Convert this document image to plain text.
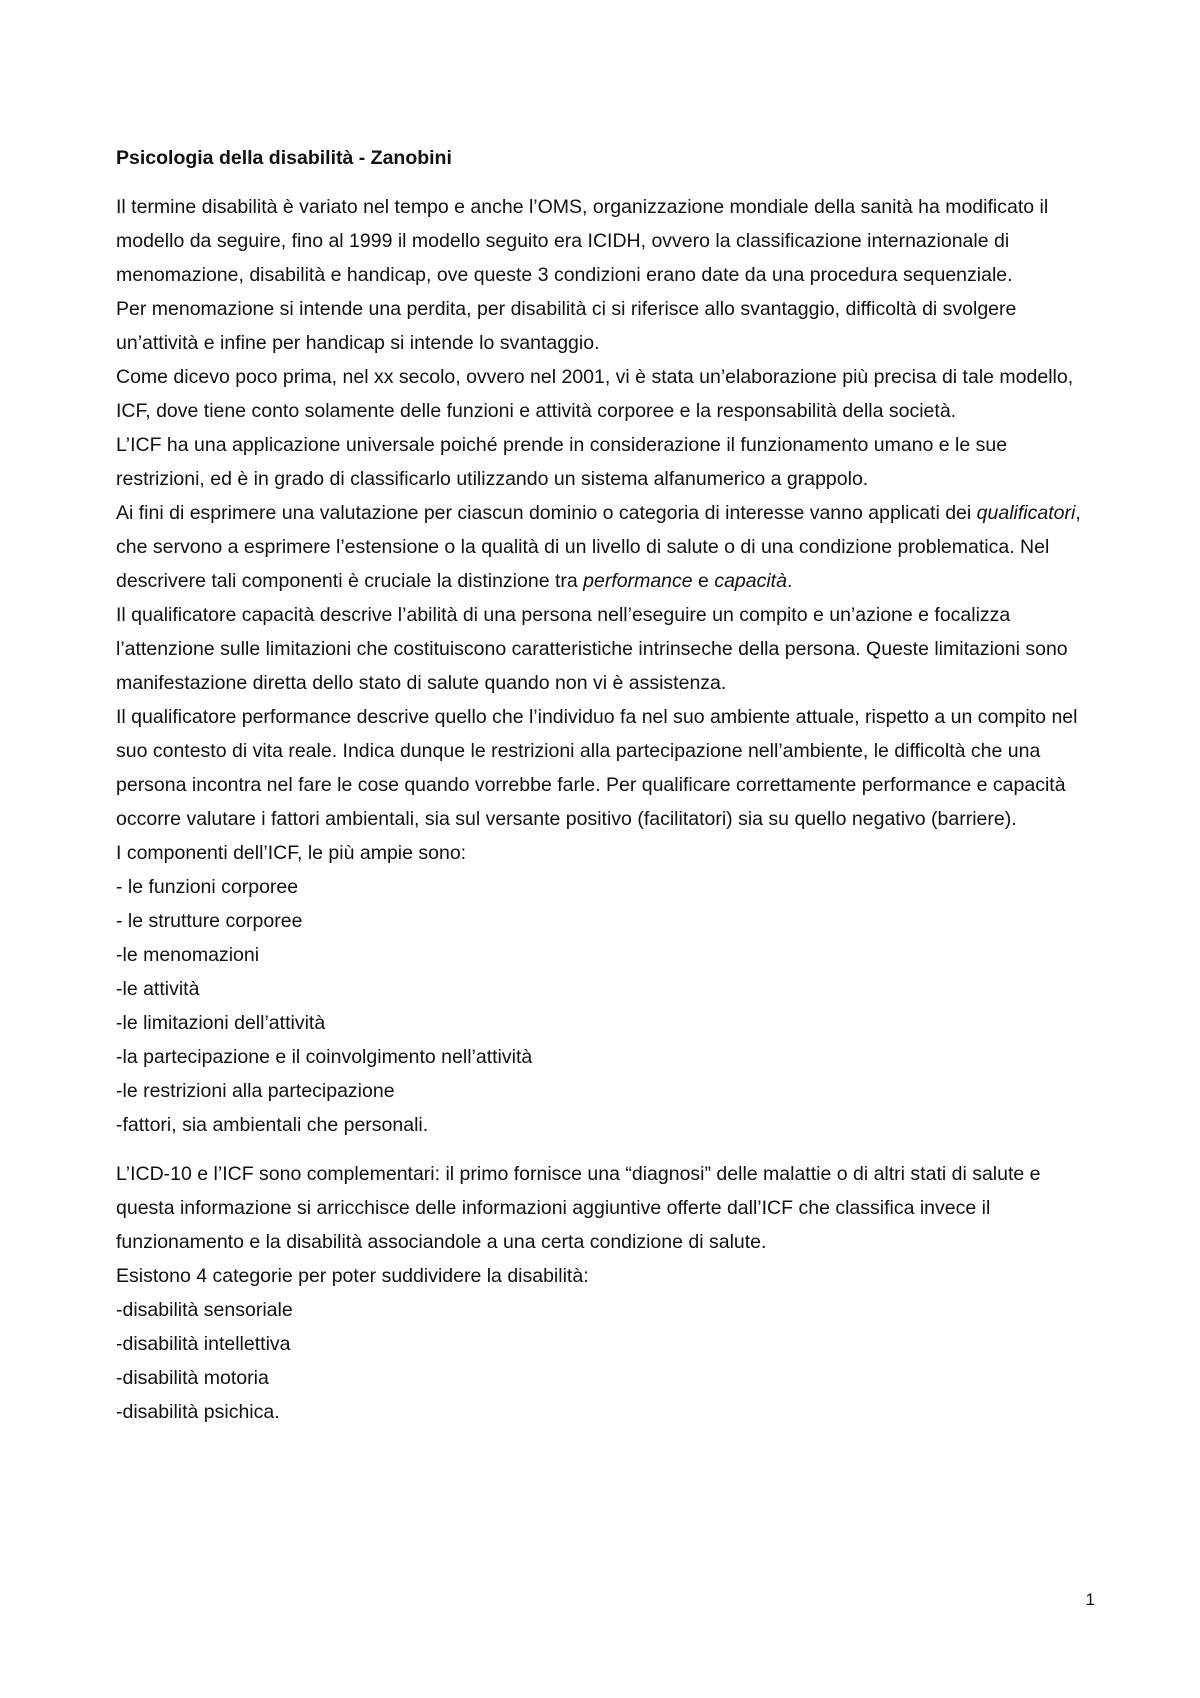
Psicologia della disabilità - Zanobini

Il termine disabilità è variato nel tempo e anche l’OMS, organizzazione mondiale della sanità ha modificato il modello da seguire, fino al 1999 il modello seguito era ICIDH, ovvero la classificazione internazionale di menomazione, disabilità e handicap, ove queste 3 condizioni erano date da una procedura sequenziale.

Per menomazione si intende una perdita, per disabilità ci si riferisce allo svantaggio, difficoltà di svolgere un’attività e infine per handicap si intende lo svantaggio.

Come dicevo poco prima, nel xx secolo, ovvero nel 2001, vi è stata un’elaborazione più precisa di tale modello, ICF, dove tiene conto solamente delle funzioni e attività corporee e la responsabilità della società.

L’ICF ha una applicazione universale poiché prende in considerazione il funzionamento umano e le sue restrizioni, ed è in grado di classificarlo utilizzando un sistema alfanumerico a grappolo.

Ai fini di esprimere una valutazione per ciascun dominio o categoria di interesse vanno applicati dei qualificatori, che servono a esprimere l’estensione o la qualità di un livello di salute o di una condizione problematica. Nel descrivere tali componenti è cruciale la distinzione tra performance e capacità.

Il qualificatore capacità descrive l’abilità di una persona nell’eseguire un compito e un’azione e focalizza l’attenzione sulle limitazioni che costituiscono caratteristiche intrinseche della persona. Queste limitazioni sono manifestazione diretta dello stato di salute quando non vi è assistenza.

Il qualificatore performance descrive quello che l’individuo fa nel suo ambiente attuale, rispetto a un compito nel suo contesto di vita reale. Indica dunque le restrizioni alla partecipazione nell’ambiente, le difficoltà che una persona incontra nel fare le cose quando vorrebbe farle. Per qualificare correttamente performance e capacità occorre valutare i fattori ambientali, sia sul versante positivo (facilitatori) sia su quello negativo (barriere).

I componenti dell’ICF, le più ampie sono:

- le funzioni corporee
- le strutture corporee
-le menomazioni
-le attività
-le limitazioni dell’attività
-la partecipazione e il coinvolgimento nell’attività
-le restrizioni alla partecipazione
-fattori, sia ambientali che personali.

L’ICD-10 e l’ICF sono complementari: il primo fornisce una “diagnosi” delle malattie o di altri stati di salute e questa informazione si arricchisce delle informazioni aggiuntive offerte dall’ICF che classifica invece il funzionamento e la disabilità associandole a una certa condizione di salute.

Esistono 4 categorie per poter suddividere la disabilità:

-disabilità sensoriale
-disabilità intellettiva
-disabilità motoria
-disabilità psichica.
1
